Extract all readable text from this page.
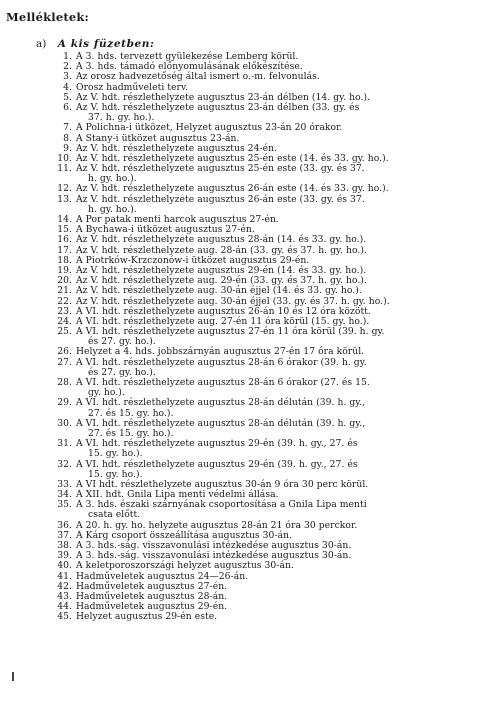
Mellékletek:
a) A kis füzetben:
1. A 3. hds. tervezett gyülekezése Lemberg körül.
2. A 3. hds. támadó előnyomulásának előkészítése.
3. Az orosz hadvezetőség által ismert o.-m. felvonulás.
4. Orosz hadműveleti terv.
5. Az V. hdt. részlethelyzete augusztus 23-án délben (14. gy. ho.).
6. Az V. hdt. részlethelyzete augusztus 23-án délben (33. gy. és
37. h. gy. ho.).
7. A Polichna-i ütközet, Helyzet augusztus 23-án 20 órakor.
8. A Stany-i ütközet augusztus 23-án.
9. Az V. hdt. részlethelyzete augusztus 24-én.
10. Az V. hdt. részlethelyzete augusztus 25-én este (14. és 33. gy. ho.).
11. Az V. hdt. részlethelyzete augusztus 25-én este (33. gy. és 37.
h. gy. ho.).
12. Az V. hdt. részlethelyzete augusztus 26-án este (14. és 33. gy. ho.).
13. Az V. hdt. részlethelyzete augusztus 26-án este (33. gy. és 37.
h. gy. ho.).
14. A Por patak menti harcok augusztus 27-én.
15. A Bychawa-i ütközet augusztus 27-én.
16. Az V. hdt. részlethelyzete augusztus 28-án (14. és 33. gy. ho.).
17. Az V. hdt. részlethelyzete aug. 28-án (33. gy. és 37. h. gy. ho.).
18. A Piotrków-Krzczonów-i ütközet augusztus 29-én.
19. Az V. hdt. részlethelyzete augusztus 29-én (14. és 33. gy. ho.).
20. Az V. hdt. részlethelyzete aug. 29-én (33. gy. és 37. h. gy. ho.).
21. Az V. hdt. részlethelyzete aug. 30-án éjjel (14. és 33. gy. ho.).
22. Az V. hdt. részlethelyzete aug. 30-án éjjel (33. gy. és 37. h. gy. ho.).
23. A VI. hdt. részlethelyzete augusztus 26-án 10 és 12 óra között.
24. A VI. hdt. részlethelyzete aug. 27-én 11 óra körül (15. gy. ho.).
25. A VI. hdt. részlethelyzete augusztus 27-én 11 óra körül (39. h. gy.
és 27. gy. ho.).
26. Helyzet a 4. hds. jobbszárnyán augusztus 27-én 17 óra körül.
27. A VI. hdt. részlethelyzete augusztus 28-án 6 órakor (39. h. gy.
és 27. gy. ho.).
28. A VI. hdt. részlethelyzete augusztus 28-án 6 órakor (27. és 15.
gy. ho.).
29. A VI. hdt. részlethelyzete augusztus 28-án délután (39. h. gy.,
27. és 15. gy. ho.).
30. A VI. hdt. részlethelyzete augusztus 28-án délután (39. h. gy.,
27. és 15. gy. ho.).
31. A VI. hdt. részlethelyzete augusztus 29-én (39. h. gy., 27. és
15. gy. ho.).
32. A VI. hdt. részlethelyzete augusztus 29-én (39. h. gy., 27. és
15. gy. ho.).
33. A VI hdt. részlethelyzete augusztus 30-án 9 óra 30 perc körül.
34. A XII. hdt. Gnila Lipa menti védelmi állása.
35. A 3. hds. északi szárnyának csoportosítása a Gnila Lipa menti
csata előtt.
36. A 20. h. gy. ho. helyzete augusztus 28-án 21 óra 30 perckor.
37. A Kárg csoport összeállítása augusztus 30-án.
38. A 3. hds.-ság. visszavonulási intézkedése augusztus 30-án.
39. A 3. hds.-ság. visszavonulási intézkedése augusztus 30-án.
40. A keletporoszországi helyzet augusztus 30-án.
41. Hadműveletek augusztus 24—26-án.
42. Hadműveletek augusztus 27-én.
43. Hadműveletek augusztus 28-án.
44. Hadműveletek augusztus 29-én.
45. Helyzet augusztus 29-én este.
